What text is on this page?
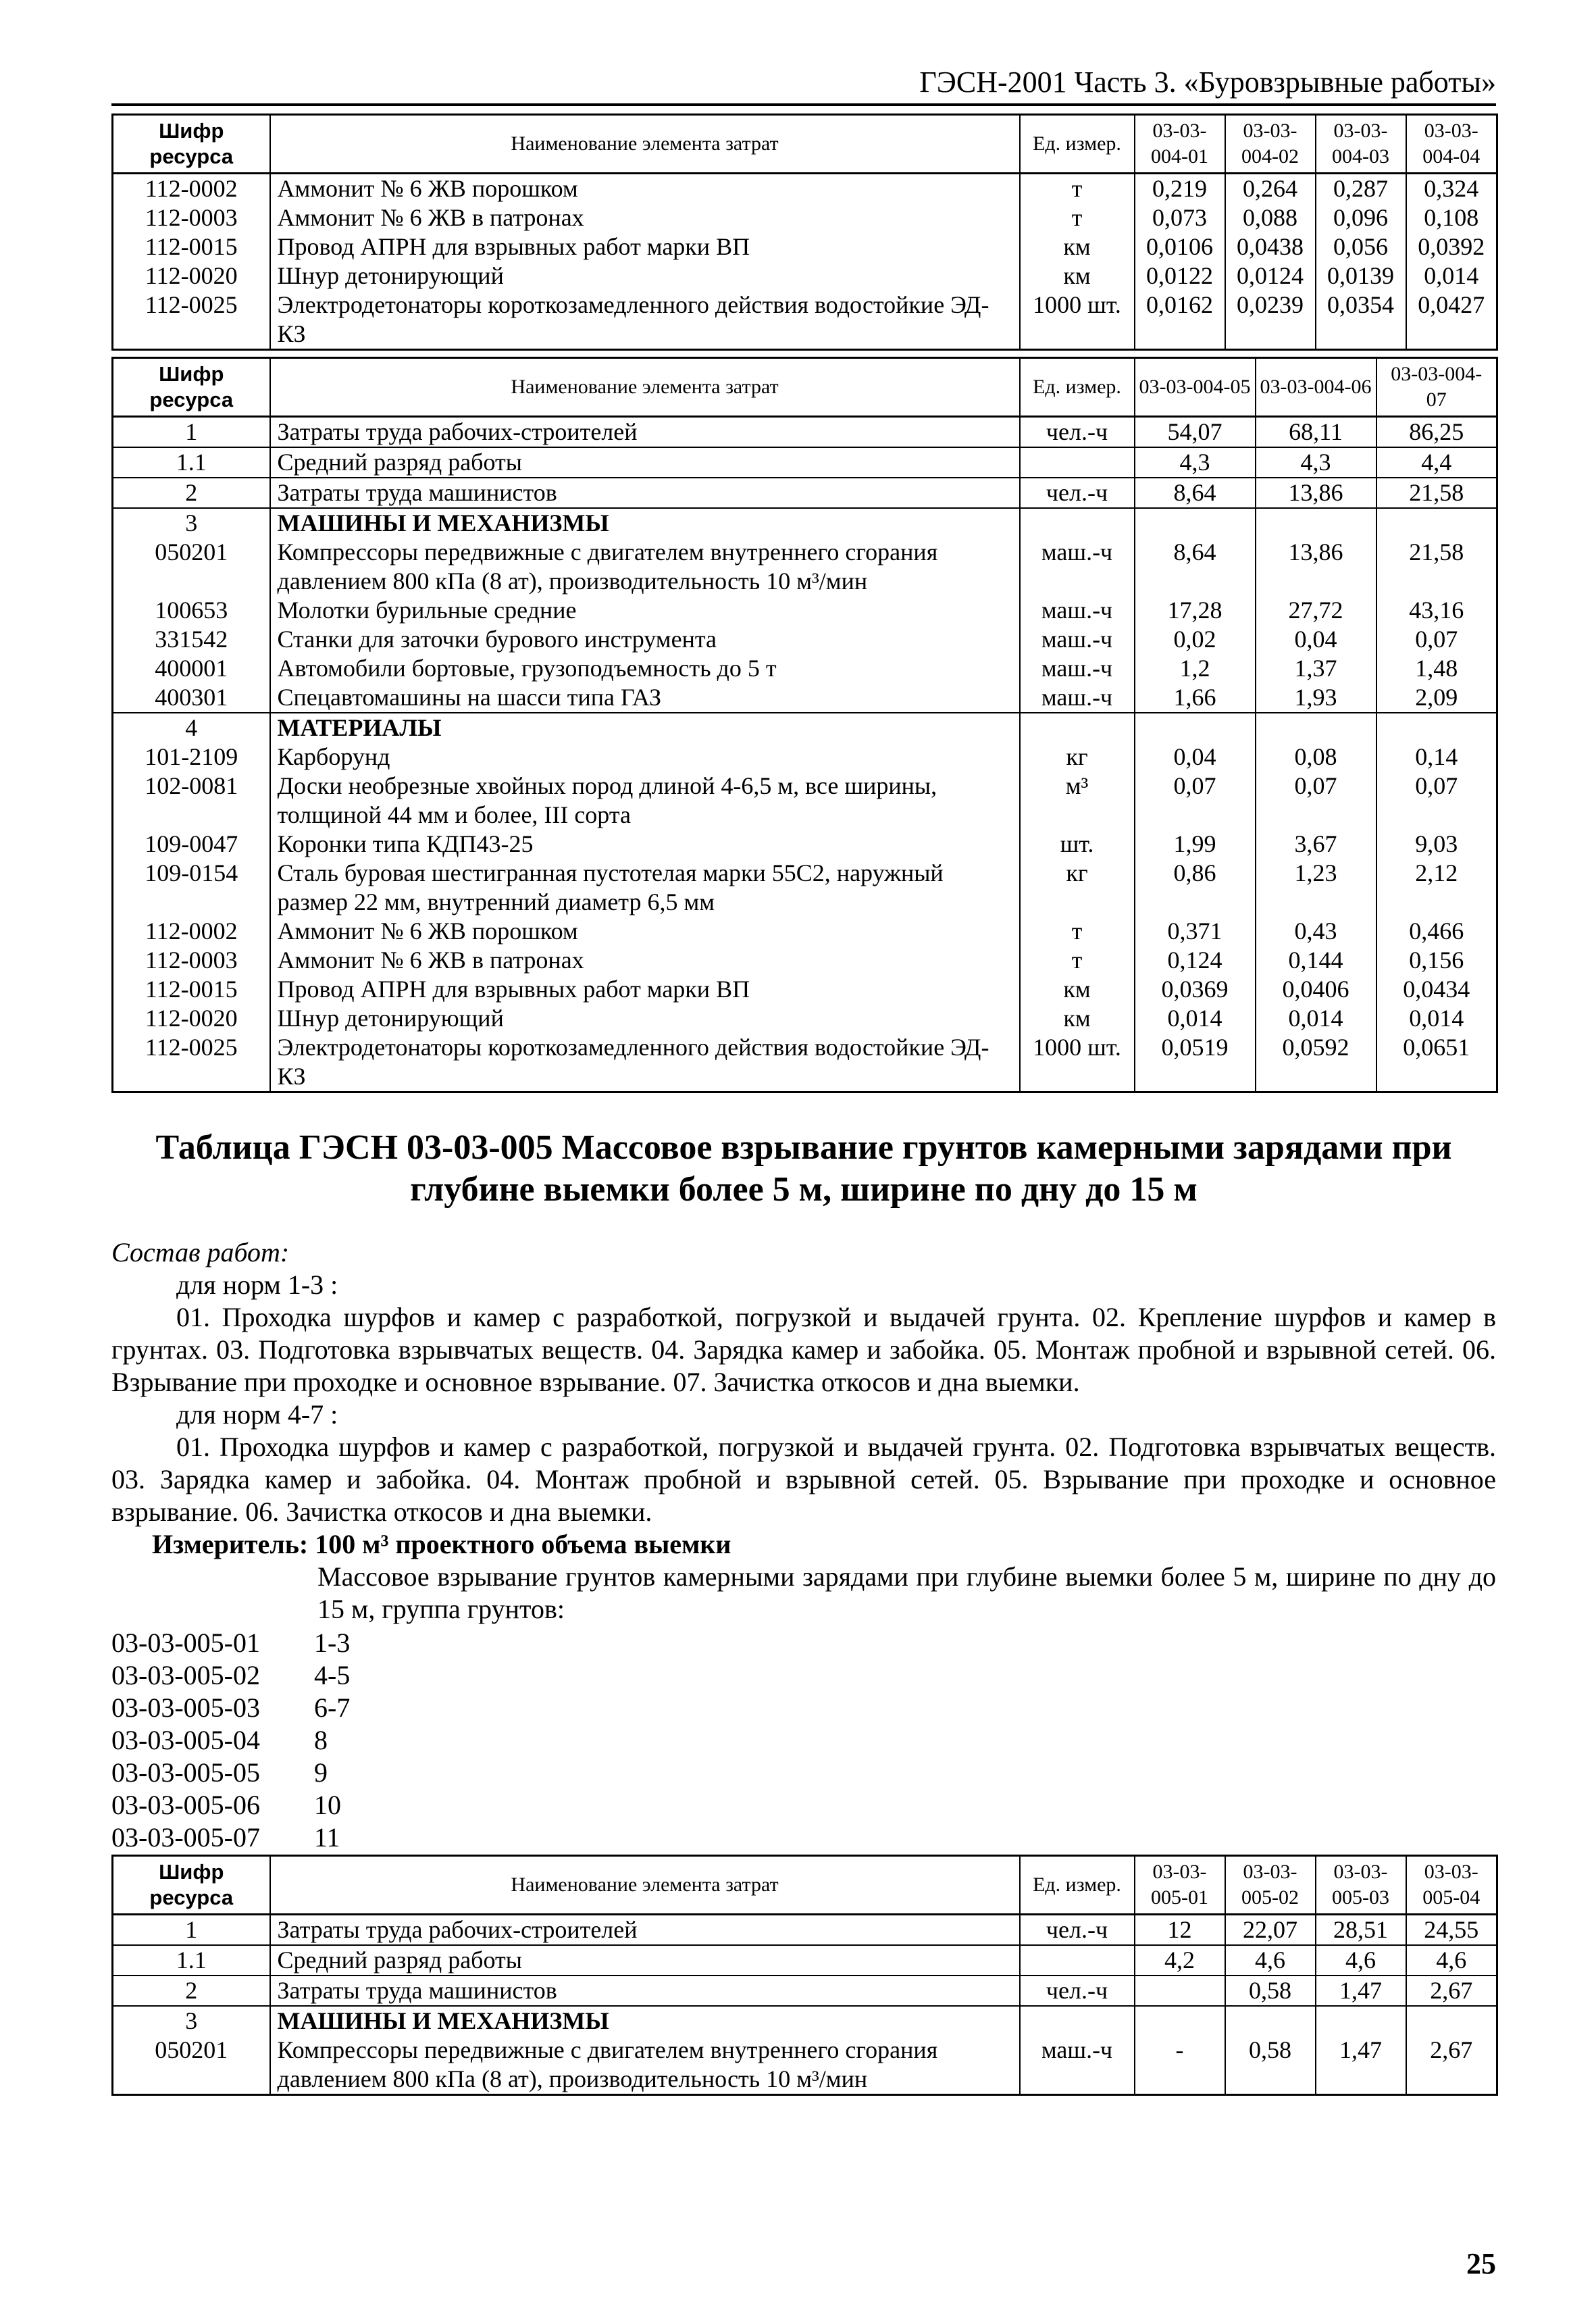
ГЭСН-2001 Часть 3. «Буровзрывные работы»
Шифр ресурса	Наименование элемента затрат	Ед. измер.	03-03-004-01	03-03-004-02	03-03-004-03	03-03-004-04
112-0002	Аммонит № 6 ЖВ порошком	т	0,219	0,264	0,287	0,324
112-0003	Аммонит № 6 ЖВ в патронах	т	0,073	0,088	0,096	0,108
112-0015	Провод АПРН для взрывных работ марки ВП	км	0,0106	0,0438	0,056	0,0392
112-0020	Шнур детонирующий	км	0,0122	0,0124	0,0139	0,014
112-0025	Электродетонаторы короткозамедленного действия водостойкие ЭД-КЗ	1000 шт.	0,0162	0,0239	0,0354	0,0427
Шифр ресурса	Наименование элемента затрат	Ед. измер.	03-03-004-05	03-03-004-06	03-03-004-07
1	Затраты труда рабочих-строителей	чел.-ч	54,07	68,11	86,25
1.1	Средний разряд работы		4,3	4,3	4,4
2	Затраты труда машинистов	чел.-ч	8,64	13,86	21,58
3	МАШИНЫ И МЕХАНИЗМЫ				
050201	Компрессоры передвижные с двигателем внутреннего сгорания давлением 800 кПа (8 ат), производительность 10 м³/мин	маш.-ч	8,64	13,86	21,58
100653	Молотки бурильные средние	маш.-ч	17,28	27,72	43,16
331542	Станки для заточки бурового инструмента	маш.-ч	0,02	0,04	0,07
400001	Автомобили бортовые, грузоподъемность до 5 т	маш.-ч	1,2	1,37	1,48
400301	Спецавтомашины на шасси типа ГАЗ	маш.-ч	1,66	1,93	2,09
4	МАТЕРИАЛЫ				
101-2109	Карборунд	кг	0,04	0,08	0,14
102-0081	Доски необрезные хвойных пород длиной 4-6,5 м, все ширины, толщиной 44 мм и более, III сорта	м³	0,07	0,07	0,07
109-0047	Коронки типа КДП43-25	шт.	1,99	3,67	9,03
109-0154	Сталь буровая шестигранная пустотелая марки 55С2, наружный размер 22 мм, внутренний диаметр 6,5 мм	кг	0,86	1,23	2,12
112-0002	Аммонит № 6 ЖВ порошком	т	0,371	0,43	0,466
112-0003	Аммонит № 6 ЖВ в патронах	т	0,124	0,144	0,156
112-0015	Провод АПРН для взрывных работ марки ВП	км	0,0369	0,0406	0,0434
112-0020	Шнур детонирующий	км	0,014	0,014	0,014
112-0025	Электродетонаторы короткозамедленного действия водостойкие ЭД-КЗ	1000 шт.	0,0519	0,0592	0,0651
Таблица ГЭСН 03-03-005 Массовое взрывание грунтов камерными зарядами при глубине выемки более 5 м, ширине по дну до 15 м

Состав работ:

для норм 1-3 :

01. Проходка шурфов и камер с разработкой, погрузкой и выдачей грунта. 02. Крепление шурфов и камер в грунтах. 03. Подготовка взрывчатых веществ. 04. Зарядка камер и забойка. 05. Монтаж пробной и взрывной сетей. 06. Взрывание при проходке и основное взрывание. 07. Зачистка откосов и дна выемки.

для норм 4-7 :

01. Проходка шурфов и камер с разработкой, погрузкой и выдачей грунта. 02. Подготовка взрывчатых веществ. 03. Зарядка камер и забойка. 04. Монтаж пробной и взрывной сетей. 05. Взрывание при проходке и основное взрывание. 06. Зачистка откосов и дна выемки.

Измеритель: 100 м³ проектного объема выемки

Массовое взрывание грунтов камерными зарядами при глубине выемки более 5 м, ширине по дну до 15 м, группа грунтов:
03-03-005-01	1-3
03-03-005-02	4-5
03-03-005-03	6-7
03-03-005-04	8
03-03-005-05	9
03-03-005-06	10
03-03-005-07	11
Шифр ресурса	Наименование элемента затрат	Ед. измер.	03-03-005-01	03-03-005-02	03-03-005-03	03-03-005-04
1	Затраты труда рабочих-строителей	чел.-ч	12	22,07	28,51	24,55
1.1	Средний разряд работы		4,2	4,6	4,6	4,6
2	Затраты труда машинистов	чел.-ч		0,58	1,47	2,67
3	МАШИНЫ И МЕХАНИЗМЫ					
050201	Компрессоры передвижные с двигателем внутреннего сгорания давлением 800 кПа (8 ат), производительность 10 м³/мин	маш.-ч	-	0,58	1,47	2,67
25
